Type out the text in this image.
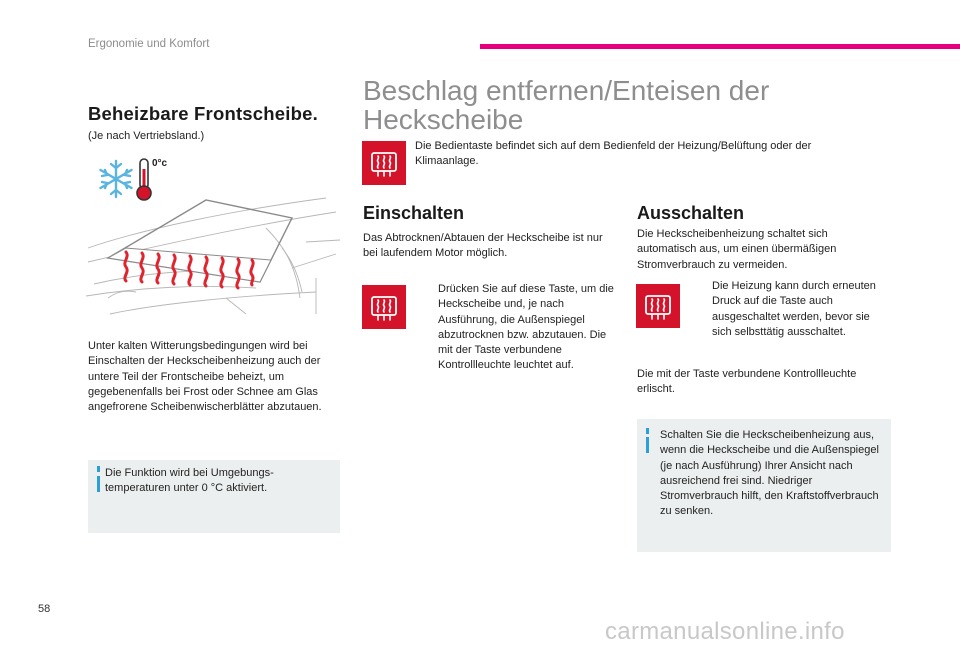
Ergonomie und Komfort
Beheizbare Frontscheibe.
(Je nach Vertriebsland.)
0°c
Unter kalten Witterungsbedingungen wird bei Einschalten der Heckscheibenheizung auch der untere Teil der Frontscheibe beheizt, um gegebenenfalls bei Frost oder Schnee am Glas angefrorene Scheibenwischerblätter abzutauen.
Die Funktion wird bei Umgebungs-temperaturen unter 0 °C aktiviert.
Beschlag entfernen/Enteisen der Heckscheibe
Die Bedientaste befindet sich auf dem Bedienfeld der Heizung/Belüftung oder der Klimaanlage.
Einschalten
Das Abtrocknen/Abtauen der Heckscheibe ist nur bei laufendem Motor möglich.
Drücken Sie auf diese Taste, um die Heckscheibe und, je nach Ausführung, die Außenspiegel abzutrocknen bzw. abzutauen. Die mit der Taste verbundene Kontrollleuchte leuchtet auf.
Ausschalten
Die Heckscheibenheizung schaltet sich automatisch aus, um einen übermäßigen Stromverbrauch zu vermeiden.
Die Heizung kann durch erneuten Druck auf die Taste auch ausgeschaltet werden, bevor sie sich selbsttätig ausschaltet.
Die mit der Taste verbundene Kontrollleuchte erlischt.
Schalten Sie die Heckscheibenheizung aus, wenn die Heckscheibe und die Außenspiegel (je nach Ausführung) Ihrer Ansicht nach ausreichend frei sind. Niedriger Stromverbrauch hilft, den Kraftstoffverbrauch zu senken.
58
carmanualsonline.info
